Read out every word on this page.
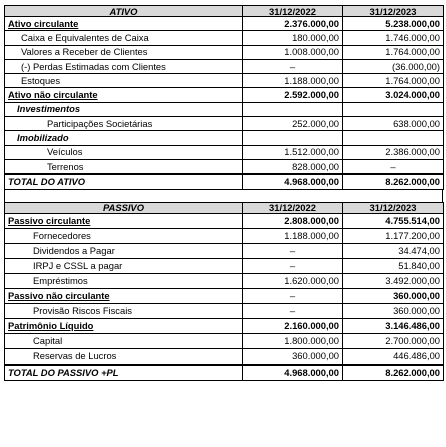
ATIVO	31/12/2022	31/12/2023
Ativo circulante	2.376.000,00	5.238.000,00
Caixa e Equivalentes de Caixa	180.000,00	1.746.000,00
Valores a Receber de Clientes	1.008.000,00	1.764.000,00
(-) Perdas Estimadas com Clientes	–	(36.000,00)
Estoques	1.188.000,00	1.764.000,00
Ativo não circulante	2.592.000,00	3.024.000,00
Investimentos		
Participações Societárias	252.000,00	638.000,00
Imobilizado		
Veículos	1.512.000,00	2.386.000,00
Terrenos	828.000,00	–
TOTAL DO ATIVO	4.968.000,00	8.262.000,00
PASSIVO	31/12/2022	31/12/2023
Passivo circulante	2.808.000,00	4.755.514,00
Fornecedores	1.188.000,00	1.177.200,00
Dividendos a Pagar	–	34.474,00
IRPJ e CSSL a pagar	–	51.840,00
Empréstimos	1.620.000,00	3.492.000,00
Passivo não circulante	–	360.000,00
Provisão Riscos Fiscais	–	360.000,00
Patrimônio Líquido	2.160.000,00	3.146.486,00
Capital	1.800.000,00	2.700.000,00
Reservas de Lucros	360.000,00	446.486,00
TOTAL DO PASSIVO +PL	4.968.000,00	8.262.000,00
